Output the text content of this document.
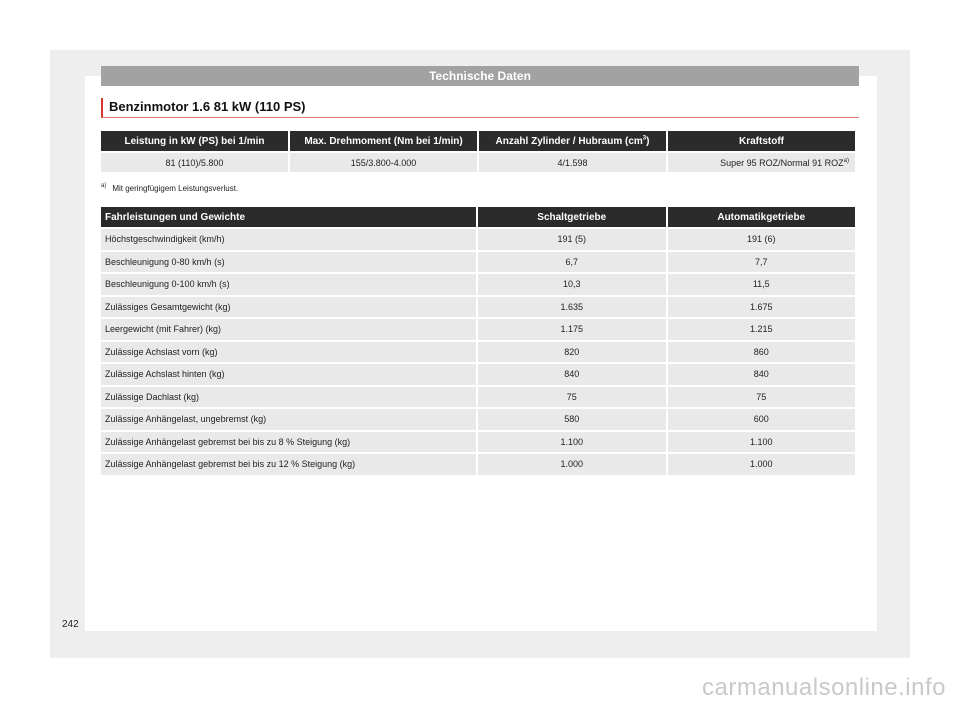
Technische Daten
Benzinmotor 1.6 81 kW (110 PS)
Leistung in kW (PS) bei 1/min	Max. Drehmoment (Nm bei 1/min)	Anzahl Zylinder / Hubraum $(cm^3)$	Kraftstoff
81 (110)/5.800	155/3.800-4.000	4/1.598	Super 95 ROZ/Normal 91 ROZ$^{a)}$
$^{a)}$ Mit geringfügigem Leistungsverlust.
Fahrleistungen und Gewichte	Schaltgetriebe	Automatikgetriebe
Höchstgeschwindigkeit (km/h)	191 (5)	191 (6)
Beschleunigung 0-80 km/h (s)	6,7	7,7
Beschleunigung 0-100 km/h (s)	10,3	11,5
Zulässiges Gesamtgewicht (kg)	1.635	1.675
Leergewicht (mit Fahrer) (kg)	1.175	1.215
Zulässige Achslast vorn (kg)	820	860
Zulässige Achslast hinten (kg)	840	840
Zulässige Dachlast (kg)	75	75
Zulässige Anhängelast, ungebremst (kg)	580	600
Zulässige Anhängelast gebremst bei bis zu 8 % Steigung (kg)	1.100	1.100
Zulässige Anhängelast gebremst bei bis zu 12 % Steigung (kg)	1.000	1.000
242
carmanualsonline.info
